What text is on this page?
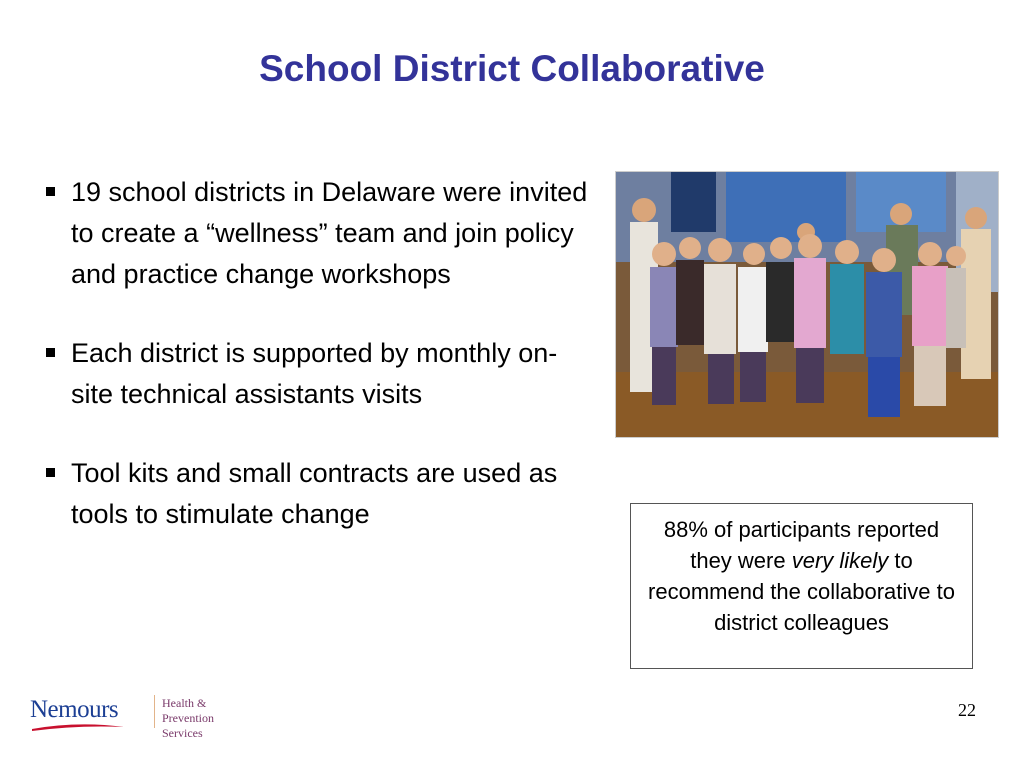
School District Collaborative
19 school districts in Delaware were invited to create a “wellness” team and join policy and practice change workshops
Each district is supported by monthly on-site technical assistants visits
Tool kits and small contracts are used as tools to stimulate change
88% of participants reported they were very likely to recommend the collaborative to district colleagues
Nemours	Health &
Prevention Services
22
